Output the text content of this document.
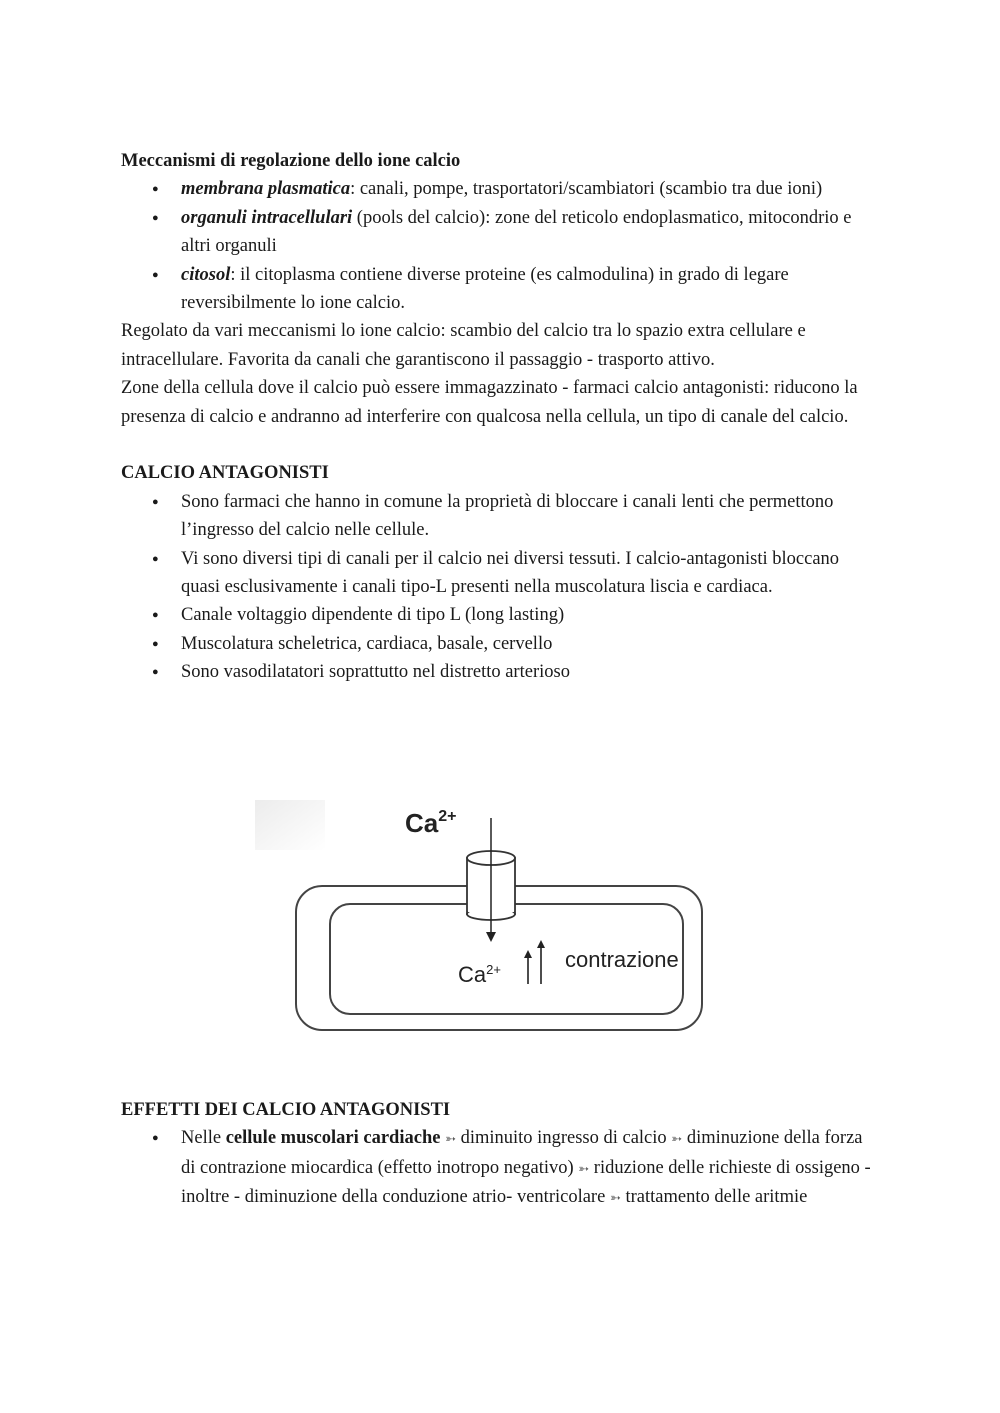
Meccanismi di regolazione dello ione calcio
● membrana plasmatica: canali, pompe, trasportatori/scambiatori (scambio tra due ioni)
● organuli intracellulari (pools del calcio): zone del reticolo endoplasmatico, mitocondrio e altri organuli
● citosol: il citoplasma contiene diverse proteine (es calmodulina) in grado di legare reversibilmente lo ione calcio.

Regolato da vari meccanismi lo ione calcio: scambio del calcio tra lo spazio extra cellulare e intracellulare. Favorita da canali che garantiscono il passaggio - trasporto attivo.

Zone della cellula dove il calcio può essere immagazzinato - farmaci calcio antagonisti: riducono la presenza di calcio e andranno ad interferire con qualcosa nella cellula, un tipo di canale del calcio.

CALCIO ANTAGONISTI
● Sono farmaci che hanno in comune la proprietà di bloccare i canali lenti che permettono l’ingresso del calcio nelle cellule.
● Vi sono diversi tipi di canali per il calcio nei diversi tessuti. I calcio-antagonisti bloccano quasi esclusivamente i canali tipo-L presenti nella muscolatura liscia e cardiaca.
● Canale voltaggio dipendente di tipo L (long lasting)
● Muscolatura scheletrica, cardiaca, basale, cervello
● Sono vasodilatatori soprattutto nel distretto arterioso
$Ca^{2+}$
$Ca^{2+}$	contrazione
EFFETTI DEI CALCIO ANTAGONISTI
● Nelle cellule muscolari cardiache ➳ diminuito ingresso di calcio ➳ diminuzione della forza di contrazione miocardica (effetto inotropo negativo) ➳ riduzione delle richieste di ossigeno - inoltre - diminuzione della conduzione atrio- ventricolare ➳ trattamento delle aritmie
